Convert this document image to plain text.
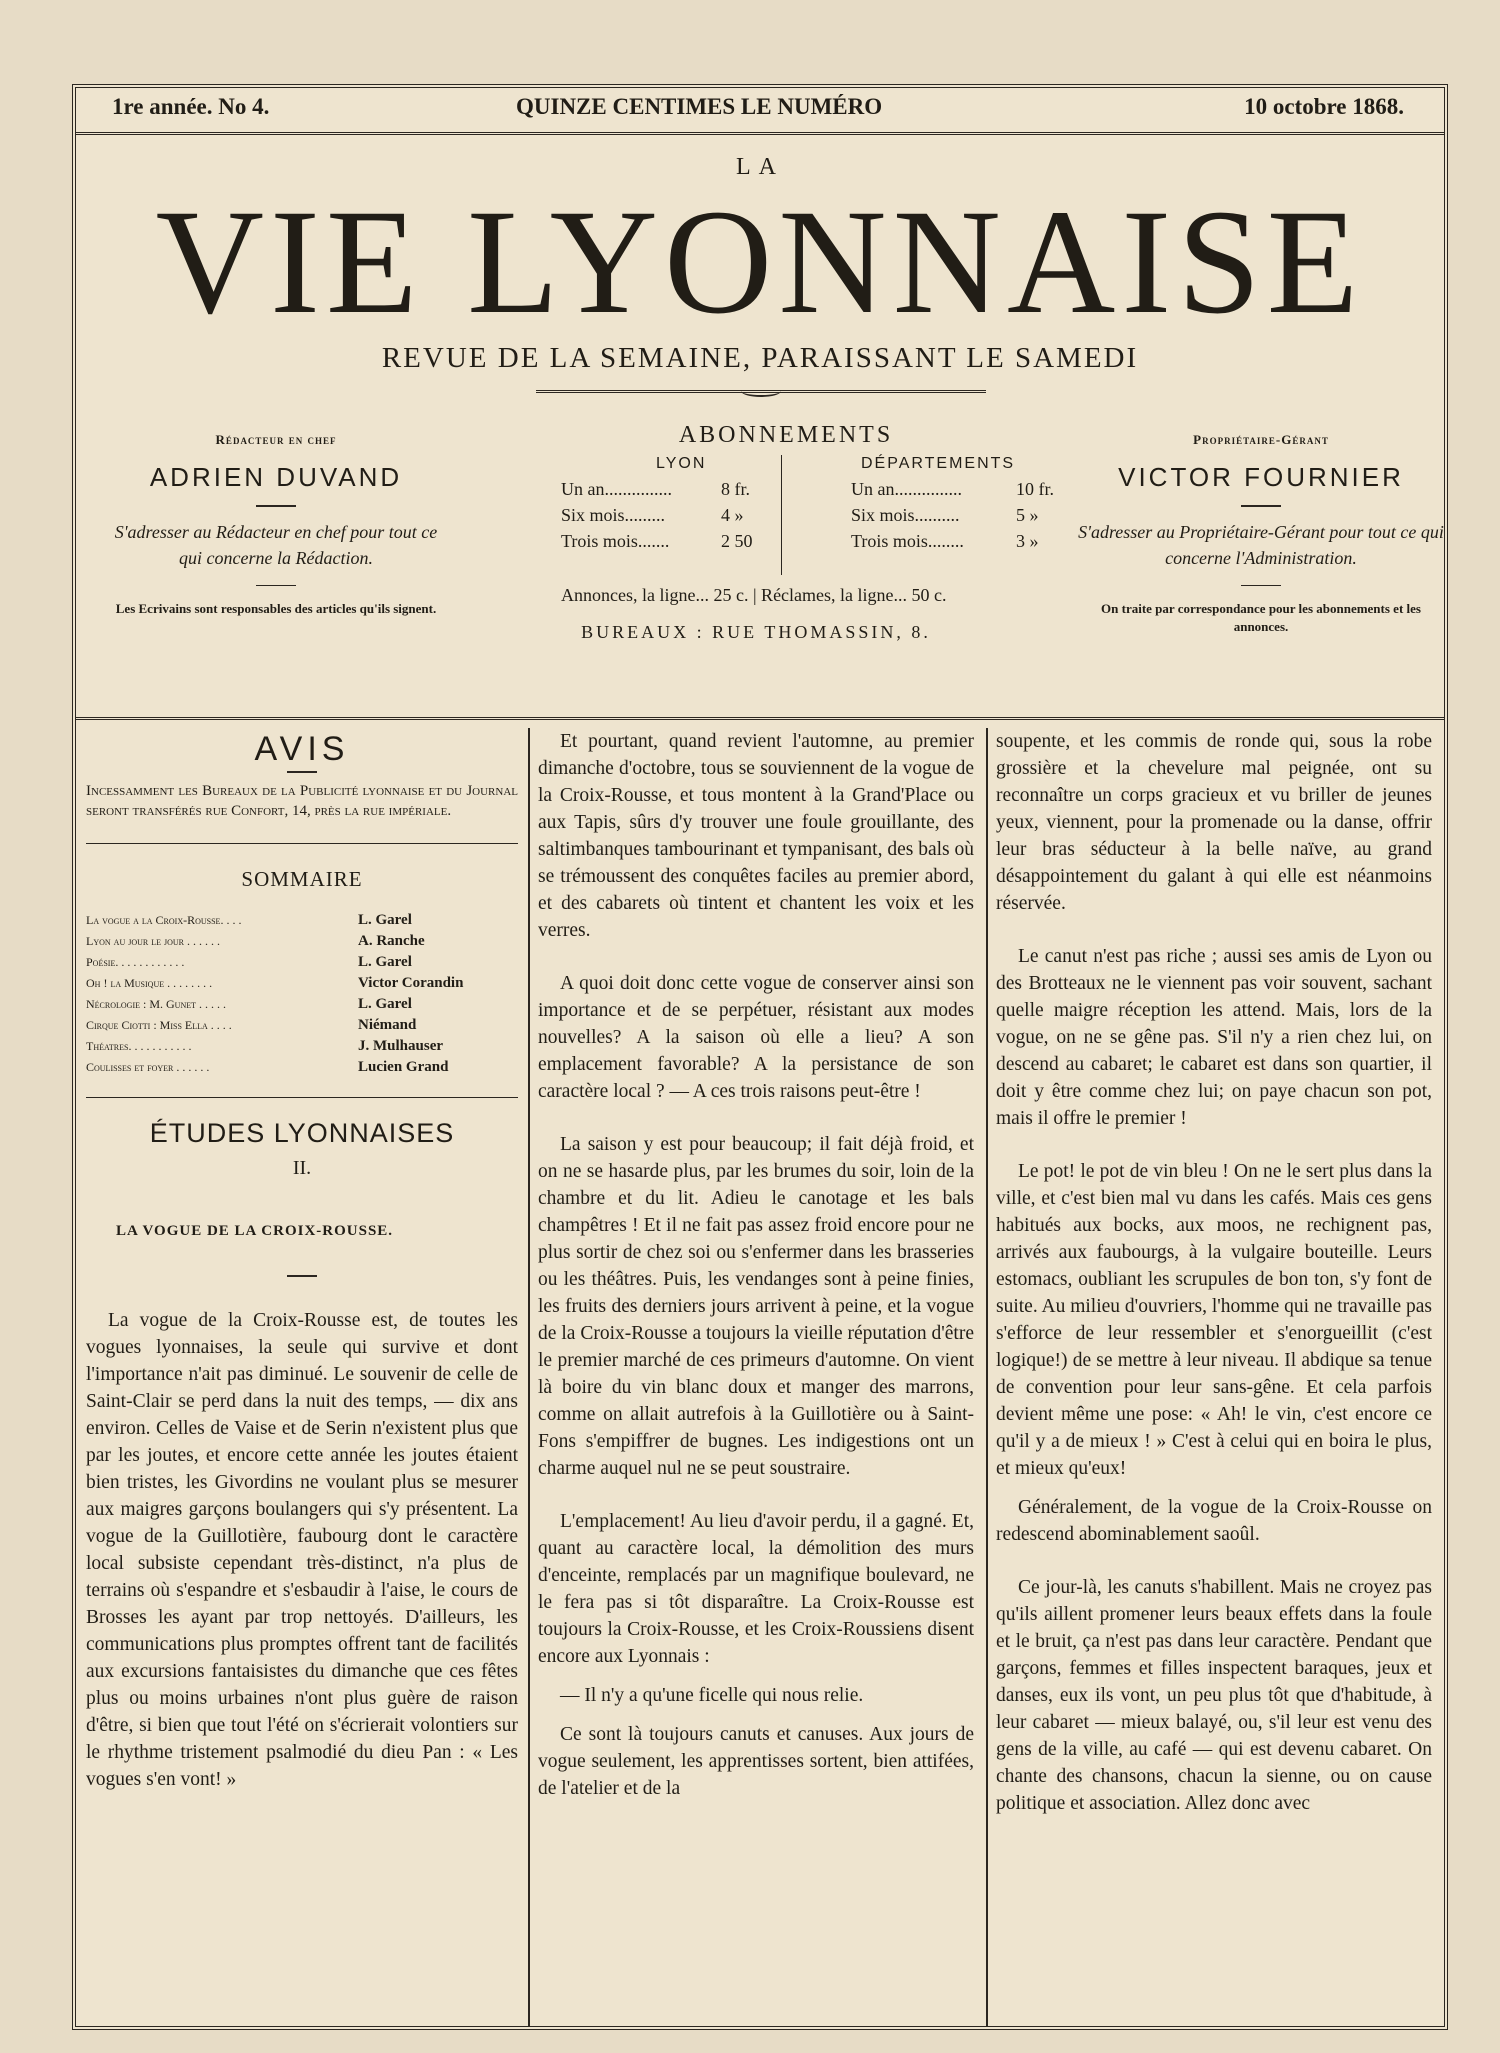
1re année. No 4.	QUINZE CENTIMES LE NUMÉRO	10 octobre 1868.
LA
VIE LYONNAISE
REVUE DE LA SEMAINE, PARAISSANT LE SAMEDI
Rédacteur en chef
ADRIEN DUVAND
S'adresser au Rédacteur en chef pour tout ce qui concerne la Rédaction.
Les Ecrivains sont responsables des articles qu'ils signent.
ABONNEMENTS
LYON	DÉPARTEMENTS
Un an...............	8 fr.
Six mois.........	4 »
Trois mois.......	2 50
Un an...............	10 fr.
Six mois..........	5 »
Trois mois........	3 »
Annonces, la ligne... 25 c. | Réclames, la ligne... 50 c.
BUREAUX : RUE THOMASSIN, 8.
Propriétaire-Gérant
VICTOR FOURNIER
S'adresser au Propriétaire-Gérant pour tout ce qui concerne l'Administration.
On traite par correspondance pour les abonnements et les annonces.
AVIS
Incessamment les Bureaux de la Publicité lyonnaise et du Journal seront transférés rue Confort, 14, près la rue impériale.
SOMMAIRE
La vogue a la Croix-Rousse. . . .	L. Garel
Lyon au jour le jour . . . . . .	A. Ranche
Poésie. . . . . . . . . . . .	L. Garel
Oh ! la Musique . . . . . . . .	Victor Corandin
Nécrologie : M. Gunet . . . . .	L. Garel
Cirque Ciotti : Miss Ella . . . .	Niémand
Théatres. . . . . . . . . . .	J. Mulhauser
Coulisses et foyer . . . . . .	Lucien Grand
ÉTUDES LYONNAISES
II.
LA VOGUE DE LA CROIX-ROUSSE.

La vogue de la Croix-Rousse est, de toutes les vogues lyonnaises, la seule qui survive et dont l'importance n'ait pas diminué. Le souvenir de celle de Saint-Clair se perd dans la nuit des temps, — dix ans environ. Celles de Vaise et de Serin n'existent plus que par les joutes, et encore cette année les joutes étaient bien tristes, les Givordins ne voulant plus se mesurer aux maigres garçons boulangers qui s'y présentent. La vogue de la Guillotière, faubourg dont le caractère local subsiste cependant très-distinct, n'a plus de terrains où s'espandre et s'esbaudir à l'aise, le cours de Brosses les ayant par trop nettoyés. D'ailleurs, les communications plus promptes offrent tant de facilités aux excursions fantaisistes du dimanche que ces fêtes plus ou moins urbaines n'ont plus guère de raison d'être, si bien que tout l'été on s'écrierait volontiers sur le rhythme tristement psalmodié du dieu Pan : « Les vogues s'en vont! »

Et pourtant, quand revient l'automne, au premier dimanche d'octobre, tous se souviennent de la vogue de la Croix-Rousse, et tous montent à la Grand'Place ou aux Tapis, sûrs d'y trouver une foule grouillante, des saltimbanques tambourinant et tympanisant, des bals où se trémoussent des conquêtes faciles au premier abord, et des cabarets où tintent et chantent les voix et les verres.

A quoi doit donc cette vogue de conserver ainsi son importance et de se perpétuer, résistant aux modes nouvelles? A la saison où elle a lieu? A son emplacement favorable? A la persistance de son caractère local ? — A ces trois raisons peut-être !

La saison y est pour beaucoup; il fait déjà froid, et on ne se hasarde plus, par les brumes du soir, loin de la chambre et du lit. Adieu le canotage et les bals champêtres ! Et il ne fait pas assez froid encore pour ne plus sortir de chez soi ou s'enfermer dans les brasseries ou les théâtres. Puis, les vendanges sont à peine finies, les fruits des derniers jours arrivent à peine, et la vogue de la Croix-Rousse a toujours la vieille réputation d'être le premier marché de ces primeurs d'automne. On vient là boire du vin blanc doux et manger des marrons, comme on allait autrefois à la Guillotière ou à Saint-Fons s'empiffrer de bugnes. Les indigestions ont un charme auquel nul ne se peut soustraire.

L'emplacement! Au lieu d'avoir perdu, il a gagné. Et, quant au caractère local, la démolition des murs d'enceinte, remplacés par un magnifique boulevard, ne le fera pas si tôt disparaître. La Croix-Rousse est toujours la Croix-Rousse, et les Croix-Roussiens disent encore aux Lyonnais :

— Il n'y a qu'une ficelle qui nous relie.

Ce sont là toujours canuts et canuses. Aux jours de vogue seulement, les apprentisses sortent, bien attifées, de l'atelier et de la

soupente, et les commis de ronde qui, sous la robe grossière et la chevelure mal peignée, ont su reconnaître un corps gracieux et vu briller de jeunes yeux, viennent, pour la promenade ou la danse, offrir leur bras séducteur à la belle naïve, au grand désappointement du galant à qui elle est néanmoins réservée.

Le canut n'est pas riche ; aussi ses amis de Lyon ou des Brotteaux ne le viennent pas voir souvent, sachant quelle maigre réception les attend. Mais, lors de la vogue, on ne se gêne pas. S'il n'y a rien chez lui, on descend au cabaret; le cabaret est dans son quartier, il doit y être comme chez lui; on paye chacun son pot, mais il offre le premier !

Le pot! le pot de vin bleu ! On ne le sert plus dans la ville, et c'est bien mal vu dans les cafés. Mais ces gens habitués aux bocks, aux moos, ne rechignent pas, arrivés aux faubourgs, à la vulgaire bouteille. Leurs estomacs, oubliant les scrupules de bon ton, s'y font de suite. Au milieu d'ouvriers, l'homme qui ne travaille pas s'efforce de leur ressembler et s'enorgueillit (c'est logique!) de se mettre à leur niveau. Il abdique sa tenue de convention pour leur sans-gêne. Et cela parfois devient même une pose: « Ah! le vin, c'est encore ce qu'il y a de mieux ! » C'est à celui qui en boira le plus, et mieux qu'eux!

Généralement, de la vogue de la Croix-Rousse on redescend abominablement saoûl.

Ce jour-là, les canuts s'habillent. Mais ne croyez pas qu'ils aillent promener leurs beaux effets dans la foule et le bruit, ça n'est pas dans leur caractère. Pendant que garçons, femmes et filles inspectent baraques, jeux et danses, eux ils vont, un peu plus tôt que d'habitude, à leur cabaret — mieux balayé, ou, s'il leur est venu des gens de la ville, au café — qui est devenu cabaret. On chante des chansons, chacun la sienne, ou on cause politique et association. Allez donc avec
